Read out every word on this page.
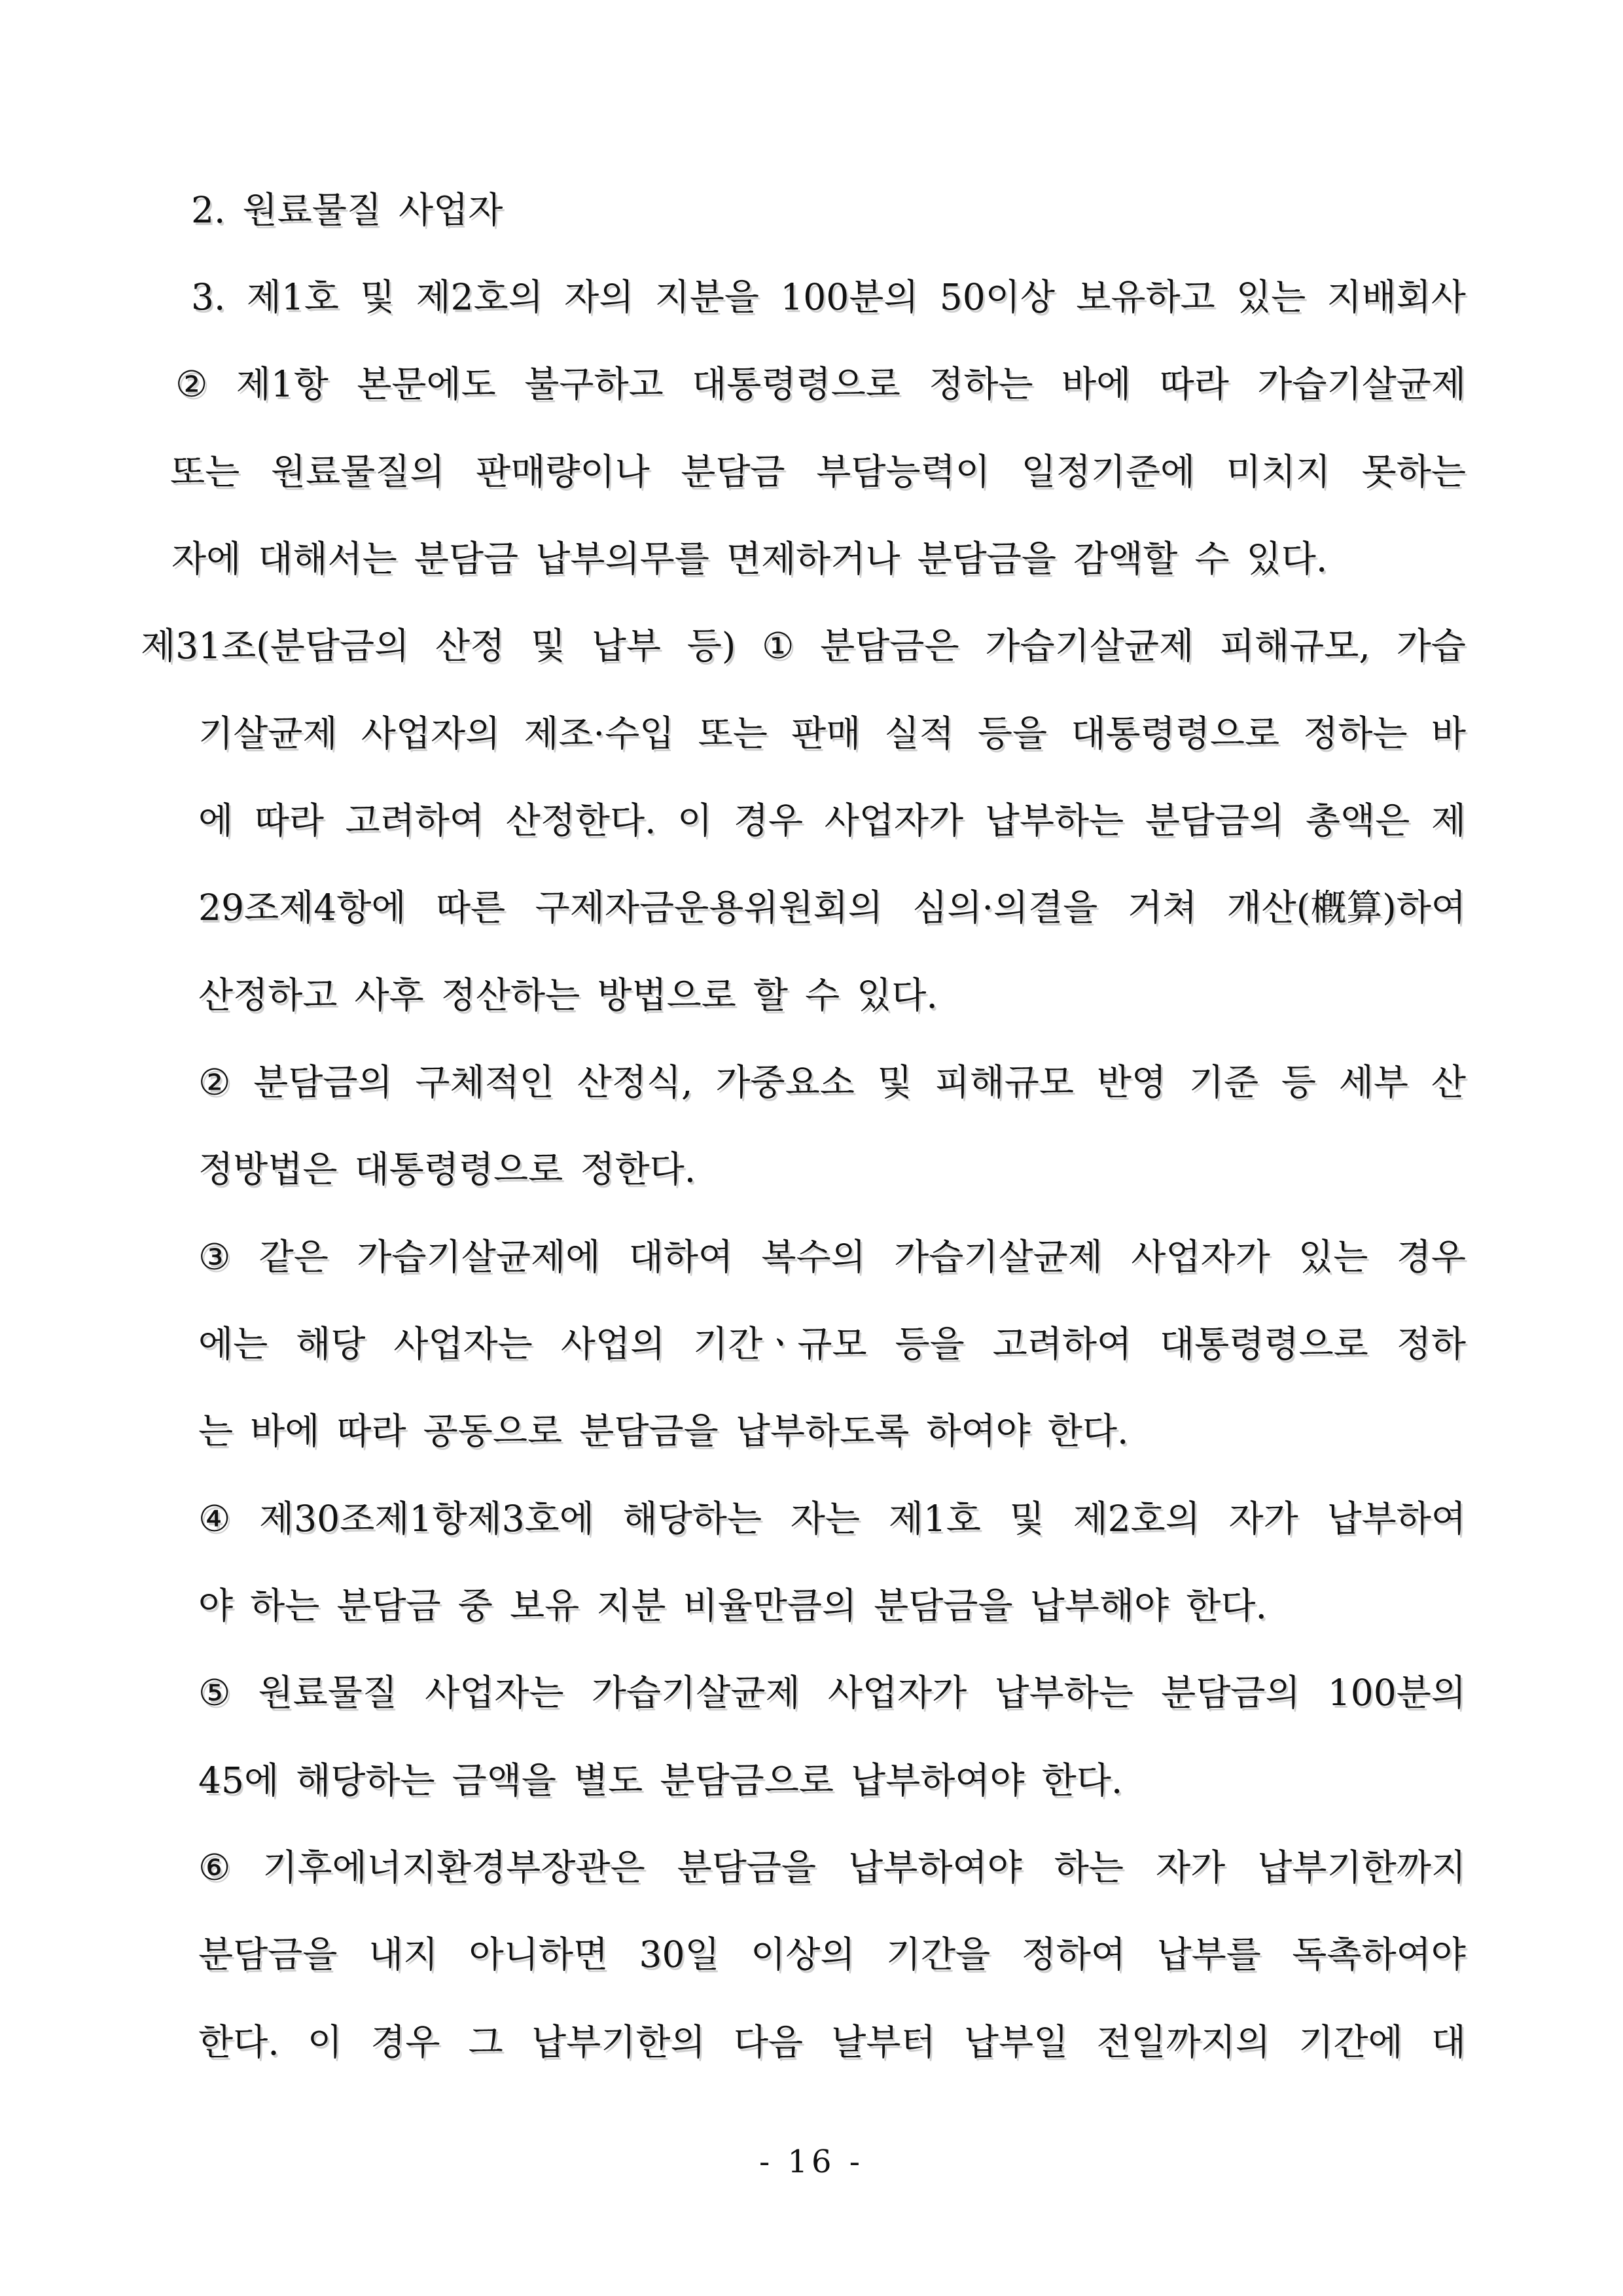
2. 원료물질 사업자
3. 제1호 및 제2호의 자의 지분을 100분의 50이상 보유하고 있는 지배회사
② 제1항 본문에도 불구하고 대통령령으로 정하는 바에 따라 가습기살균제
또는 원료물질의 판매량이나 분담금 부담능력이 일정기준에 미치지 못하는
자에 대해서는 분담금 납부의무를 면제하거나 분담금을 감액할 수 있다.
제31조(분담금의 산정 및 납부 등) ① 분담금은 가습기살균제 피해규모, 가습
기살균제 사업자의 제조·수입 또는 판매 실적 등을 대통령령으로 정하는 바
에 따라 고려하여 산정한다. 이 경우 사업자가 납부하는 분담금의 총액은 제
29조제4항에 따른 구제자금운용위원회의 심의·의결을 거쳐 개산(槪算)하여
산정하고 사후 정산하는 방법으로 할 수 있다.
② 분담금의 구체적인 산정식, 가중요소 및 피해규모 반영 기준 등 세부 산
정방법은 대통령령으로 정한다.
③ 같은 가습기살균제에 대하여 복수의 가습기살균제 사업자가 있는 경우
에는 해당 사업자는 사업의 기간ㆍ규모 등을 고려하여 대통령령으로 정하
는 바에 따라 공동으로 분담금을 납부하도록 하여야 한다.
④ 제30조제1항제3호에 해당하는 자는 제1호 및 제2호의 자가 납부하여
야 하는 분담금 중 보유 지분 비율만큼의 분담금을 납부해야 한다.
⑤ 원료물질 사업자는 가습기살균제 사업자가 납부하는 분담금의 100분의
45에 해당하는 금액을 별도 분담금으로 납부하여야 한다.
⑥ 기후에너지환경부장관은 분담금을 납부하여야 하는 자가 납부기한까지
분담금을 내지 아니하면 30일 이상의 기간을 정하여 납부를 독촉하여야
한다. 이 경우 그 납부기한의 다음 날부터 납부일 전일까지의 기간에 대
- 16 -
